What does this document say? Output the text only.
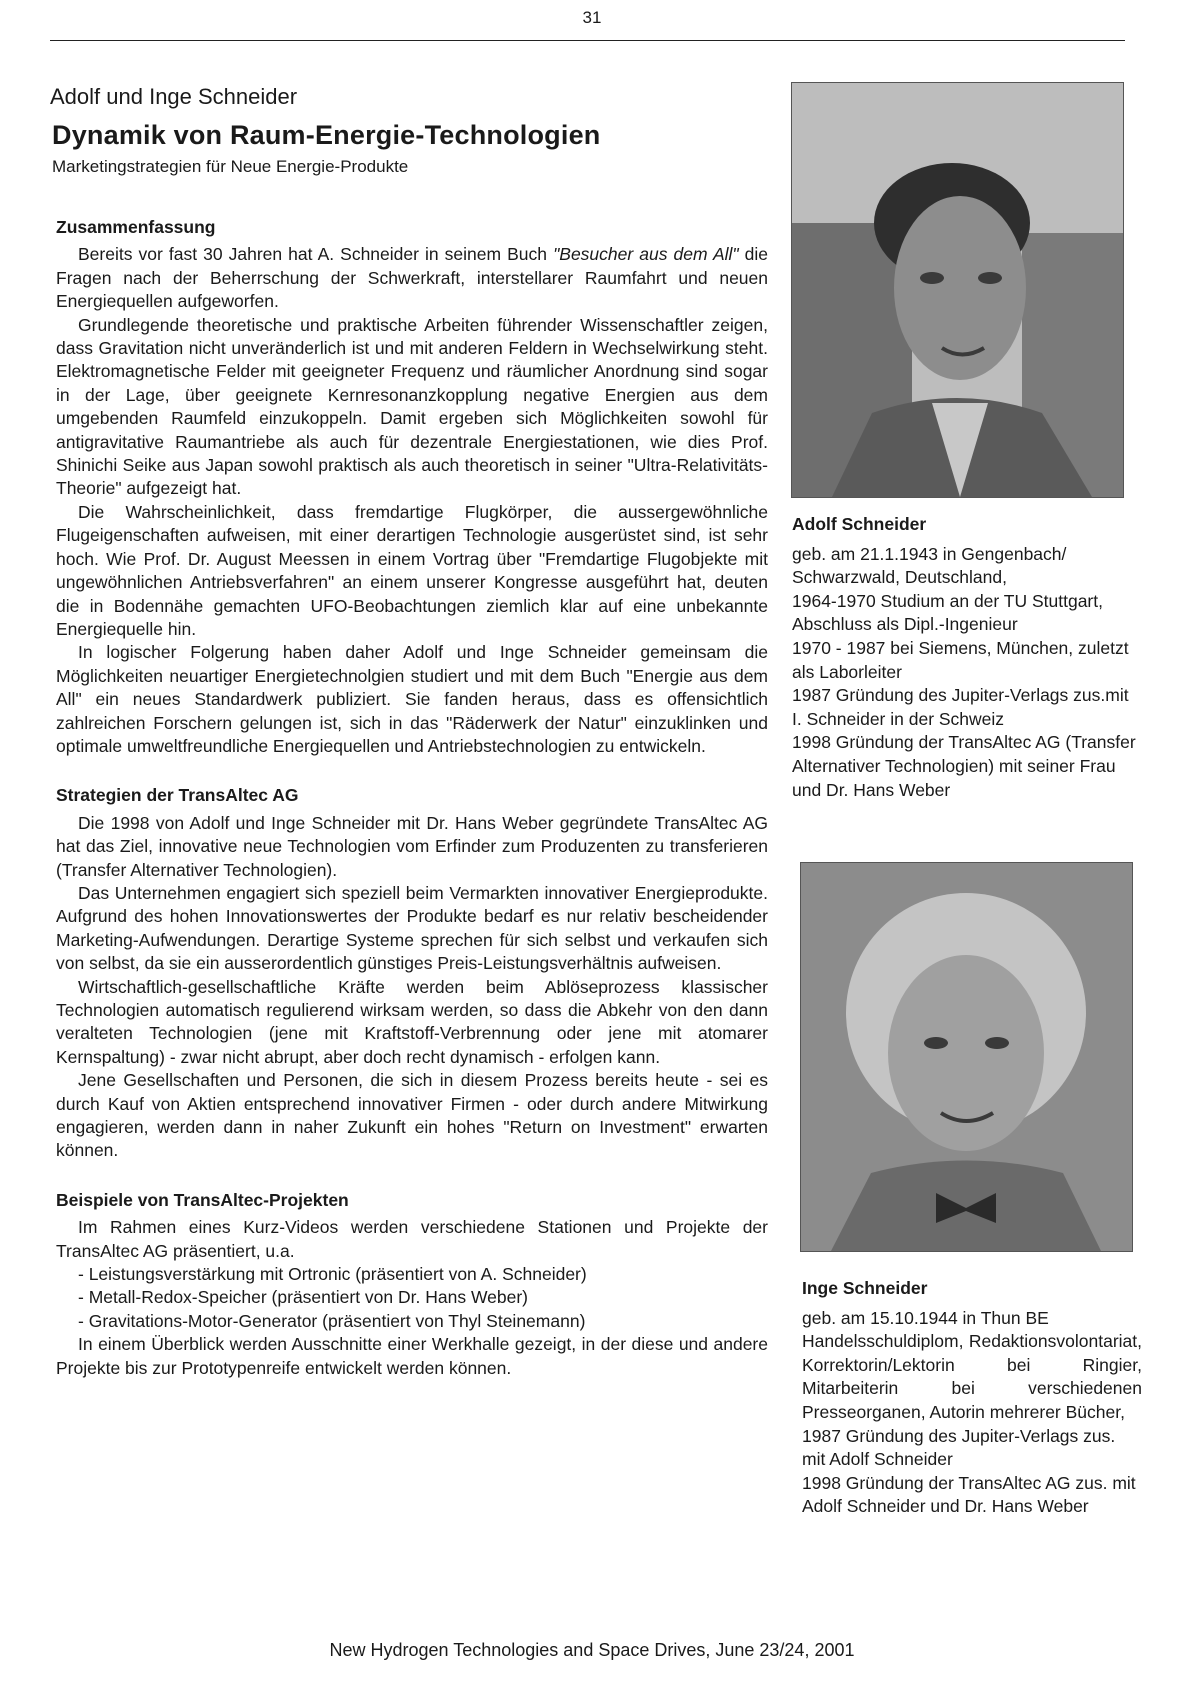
31
Adolf und Inge Schneider
Dynamik von Raum-Energie-Technologien
Marketingstrategien für Neue Energie-Produkte
Zusammenfassung

Bereits vor fast 30 Jahren hat A. Schneider in seinem Buch "Besucher aus dem All" die Fragen nach der Beherrschung der Schwerkraft, interstellarer Raumfahrt und neuen Energiequellen aufgeworfen.

Grundlegende theoretische und praktische Arbeiten führender Wissenschaftler zeigen, dass Gravitation nicht unveränderlich ist und mit anderen Feldern in Wechselwirkung steht. Elektromagnetische Felder mit geeigneter Frequenz und räumlicher Anordnung sind sogar in der Lage, über geeignete Kernresonanzkopplung negative Energien aus dem umgebenden Raumfeld einzukoppeln. Damit ergeben sich Möglichkeiten sowohl für antigravitative Raumantriebe als auch für dezentrale Energiestationen, wie dies Prof. Shinichi Seike aus Japan sowohl praktisch als auch theoretisch in seiner "Ultra-Relativitäts-Theorie" aufgezeigt hat.

Die Wahrscheinlichkeit, dass fremdartige Flugkörper, die aussergewöhnliche Flugeigenschaften aufweisen, mit einer derartigen Technologie ausgerüstet sind, ist sehr hoch. Wie Prof. Dr. August Meessen in einem Vortrag über "Fremdartige Flugobjekte mit ungewöhnlichen Antriebsverfahren" an einem unserer Kongresse ausgeführt hat, deuten die in Bodennähe gemachten UFO-Beobachtungen ziemlich klar auf eine unbekannte Energiequelle hin.

In logischer Folgerung haben daher Adolf und Inge Schneider gemeinsam die Möglichkeiten neuartiger Energietechnolgien studiert und mit dem Buch "Energie aus dem All" ein neues Standardwerk publiziert. Sie fanden heraus, dass es offensichtlich zahlreichen Forschern gelungen ist, sich in das "Räderwerk der Natur" einzuklinken und optimale umweltfreundliche Energiequellen und Antriebstechnologien zu entwickeln.

Strategien der TransAltec AG

Die 1998 von Adolf und Inge Schneider mit Dr. Hans Weber gegründete TransAltec AG hat das Ziel, innovative neue Technologien vom Erfinder zum Produzenten zu transferieren (Transfer Alternativer Technologien).

Das Unternehmen engagiert sich speziell beim Vermarkten innovativer Energieprodukte. Aufgrund des hohen Innovationswertes der Produkte bedarf es nur relativ bescheidender Marketing-Aufwendungen. Derartige Systeme sprechen für sich selbst und verkaufen sich von selbst, da sie ein ausserordentlich günstiges Preis-Leistungsverhältnis aufweisen.

Wirtschaftlich-gesellschaftliche Kräfte werden beim Ablöseprozess klassischer Technologien automatisch regulierend wirksam werden, so dass die Abkehr von den dann veralteten Technologien (jene mit Kraftstoff-Verbrennung oder jene mit atomarer Kernspaltung) - zwar nicht abrupt, aber doch recht dynamisch - erfolgen kann.

Jene Gesellschaften und Personen, die sich in diesem Prozess bereits heute - sei es durch Kauf von Aktien entsprechend innovativer Firmen - oder durch andere Mitwirkung engagieren, werden dann in naher Zukunft ein hohes "Return on Investment" erwarten können.

Beispiele von TransAltec-Projekten

Im Rahmen eines Kurz-Videos werden verschiedene Stationen und Projekte der TransAltec AG präsentiert, u.a.

- Leistungsverstärkung mit Ortronic (präsentiert von A. Schneider)
- Metall-Redox-Speicher (präsentiert von Dr. Hans Weber)
- Gravitations-Motor-Generator (präsentiert von Thyl Steinemann)

In einem Überblick werden Ausschnitte einer Werkhalle gezeigt, in der diese und andere Projekte bis zur Prototypenreife entwickelt werden können.

Adolf Schneider

geb. am 21.1.1943 in Gengenbach/

Schwarzwald, Deutschland,

1964-1970 Studium an der TU Stuttgart, Abschluss als Dipl.-Ingenieur

1970 - 1987 bei Siemens, München, zuletzt als Laborleiter

1987 Gründung des Jupiter-Verlags zus.mit I. Schneider in der Schweiz

1998 Gründung der TransAltec AG (Transfer Alternativer Technologien) mit seiner Frau und Dr. Hans Weber

Inge Schneider

geb. am 15.10.1944 in Thun BE

Handelsschuldiplom, Redaktionsvolontariat, Korrektorin/Lektorin bei Ringier, Mitarbeiterin bei verschiedenen Presseorganen, Autorin mehrerer Bücher,

1987 Gründung des Jupiter-Verlags zus. mit Adolf Schneider

1998 Gründung der TransAltec AG zus. mit Adolf Schneider und Dr. Hans Weber

New Hydrogen Technologies and Space Drives, June 23/24, 2001
